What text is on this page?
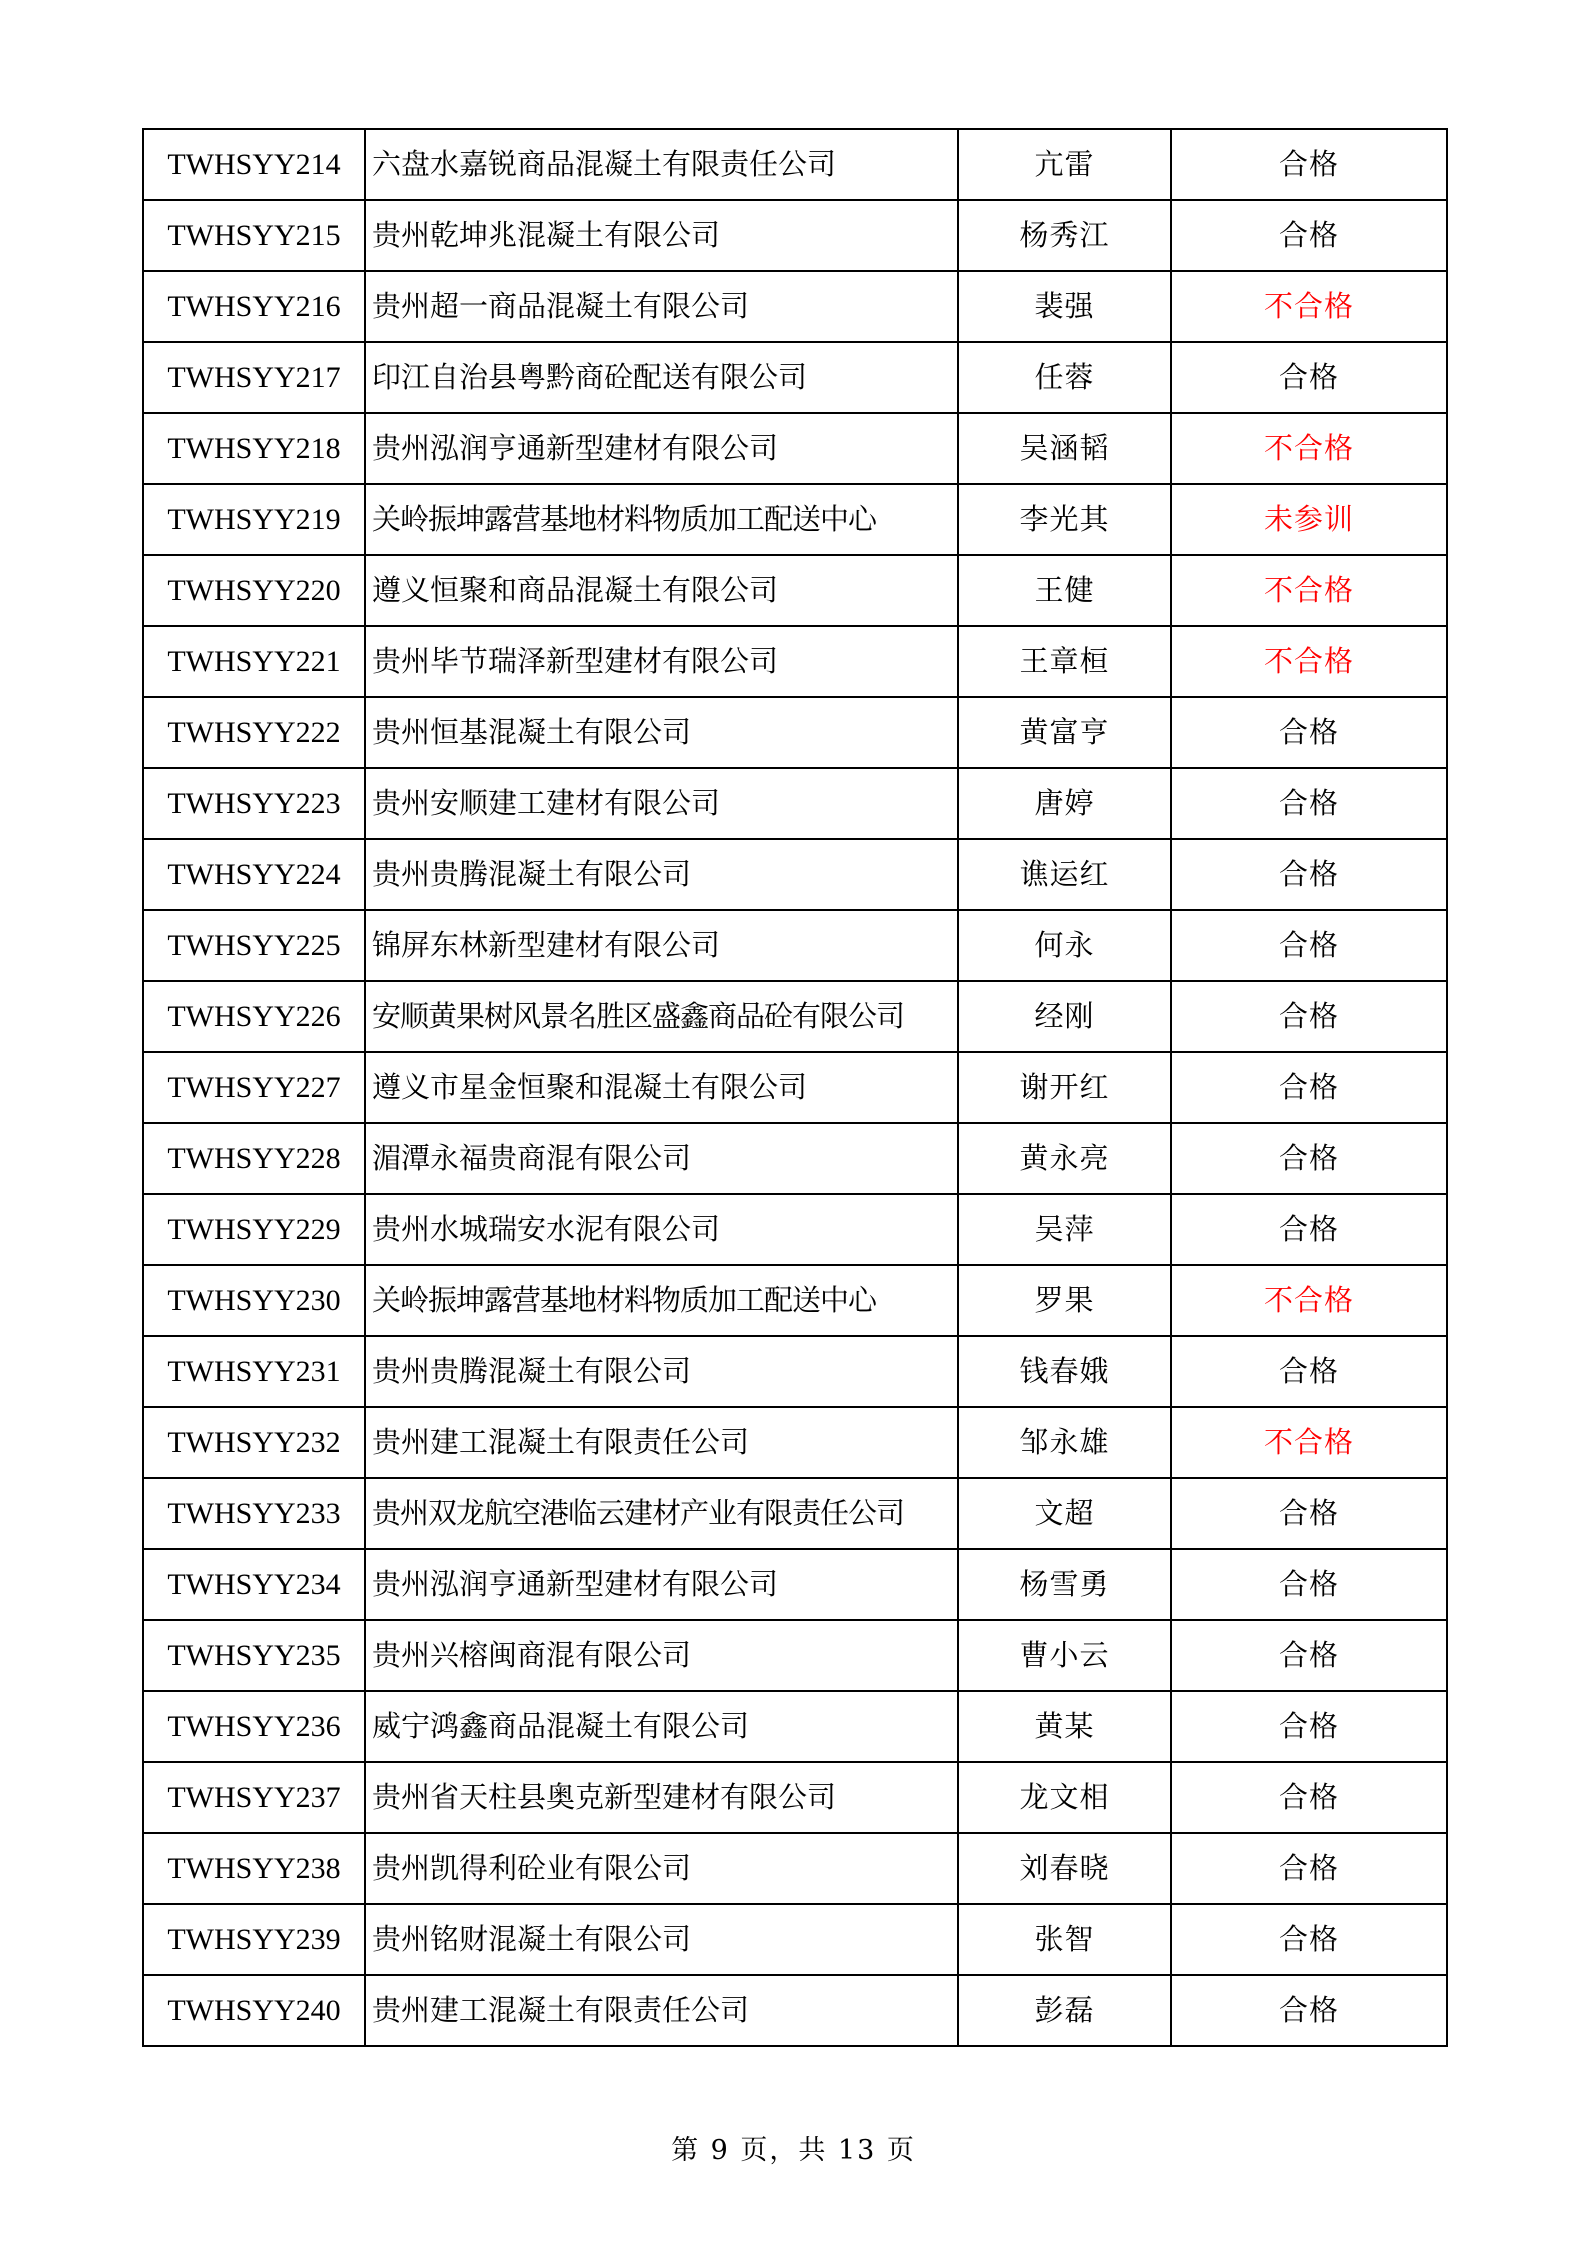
TWHSYY214	六盘水嘉锐商品混凝土有限责任公司	亢雷	合格
TWHSYY215	贵州乾坤兆混凝土有限公司	杨秀江	合格
TWHSYY216	贵州超一商品混凝土有限公司	裴强	不合格
TWHSYY217	印江自治县粤黔商砼配送有限公司	任蓉	合格
TWHSYY218	贵州泓润亨通新型建材有限公司	吴涵韬	不合格
TWHSYY219	关岭振坤露营基地材料物质加工配送中心	李光其	未参训
TWHSYY220	遵义恒聚和商品混凝土有限公司	王健	不合格
TWHSYY221	贵州毕节瑞泽新型建材有限公司	王章桓	不合格
TWHSYY222	贵州恒基混凝土有限公司	黄富亨	合格
TWHSYY223	贵州安顺建工建材有限公司	唐婷	合格
TWHSYY224	贵州贵腾混凝土有限公司	谯运红	合格
TWHSYY225	锦屏东林新型建材有限公司	何永	合格
TWHSYY226	安顺黄果树风景名胜区盛鑫商品砼有限公司	经刚	合格
TWHSYY227	遵义市星金恒聚和混凝土有限公司	谢开红	合格
TWHSYY228	湄潭永福贵商混有限公司	黄永亮	合格
TWHSYY229	贵州水城瑞安水泥有限公司	吴萍	合格
TWHSYY230	关岭振坤露营基地材料物质加工配送中心	罗果	不合格
TWHSYY231	贵州贵腾混凝土有限公司	钱春娥	合格
TWHSYY232	贵州建工混凝土有限责任公司	邹永雄	不合格
TWHSYY233	贵州双龙航空港临云建材产业有限责任公司	文超	合格
TWHSYY234	贵州泓润亨通新型建材有限公司	杨雪勇	合格
TWHSYY235	贵州兴榕闽商混有限公司	曹小云	合格
TWHSYY236	威宁鸿鑫商品混凝土有限公司	黄某	合格
TWHSYY237	贵州省天柱县奥克新型建材有限公司	龙文相	合格
TWHSYY238	贵州凯得利砼业有限公司	刘春晓	合格
TWHSYY239	贵州铭财混凝土有限公司	张智	合格
TWHSYY240	贵州建工混凝土有限责任公司	彭磊	合格
第 9 页，共 13 页
